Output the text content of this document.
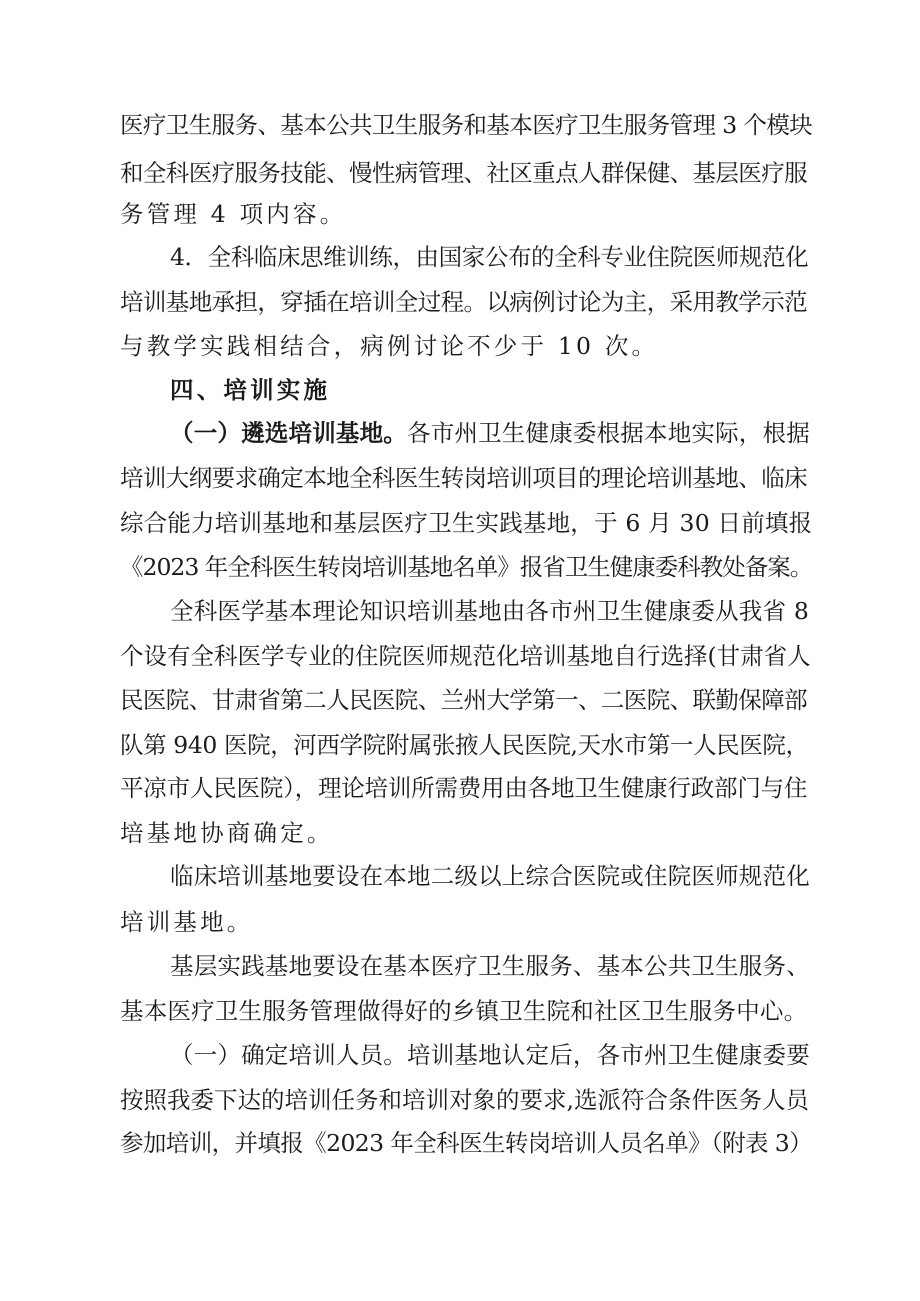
医疗卫生服务、基本公共卫生服务和基本医疗卫生服务管理 3 个模块
和全科医疗服务技能、慢性病管理、社区重点人群保健、基层医疗服
务管理 4 项内容。
4．全科临床思维训练，由国家公布的全科专业住院医师规范化
培训基地承担，穿插在培训全过程。以病例讨论为主，采用教学示范
与教学实践相结合，病例讨论不少于 10 次。
四、培训实施
（一）遴选培训基地。各市州卫生健康委根据本地实际，根据
培训大纲要求确定本地全科医生转岗培训项目的理论培训基地、临床
综合能力培训基地和基层医疗卫生实践基地，于 6 月 30 日前填报
《2023 年全科医生转岗培训基地名单》报省卫生健康委科教处备案。
全科医学基本理论知识培训基地由各市州卫生健康委从我省 8
个设有全科医学专业的住院医师规范化培训基地自行选择(甘肃省人
民医院、甘肃省第二人民医院、兰州大学第一、二医院、联勤保障部
队第 940 医院，河西学院附属张掖人民医院,天水市第一人民医院，
平凉市人民医院），理论培训所需费用由各地卫生健康行政部门与住
培基地协商确定。
临床培训基地要设在本地二级以上综合医院或住院医师规范化
培训基地。
基层实践基地要设在基本医疗卫生服务、基本公共卫生服务、
基本医疗卫生服务管理做得好的乡镇卫生院和社区卫生服务中心。
（一）确定培训人员。培训基地认定后，各市州卫生健康委要
按照我委下达的培训任务和培训对象的要求,选派符合条件医务人员
参加培训，并填报《2023 年全科医生转岗培训人员名单》（附表 3）
